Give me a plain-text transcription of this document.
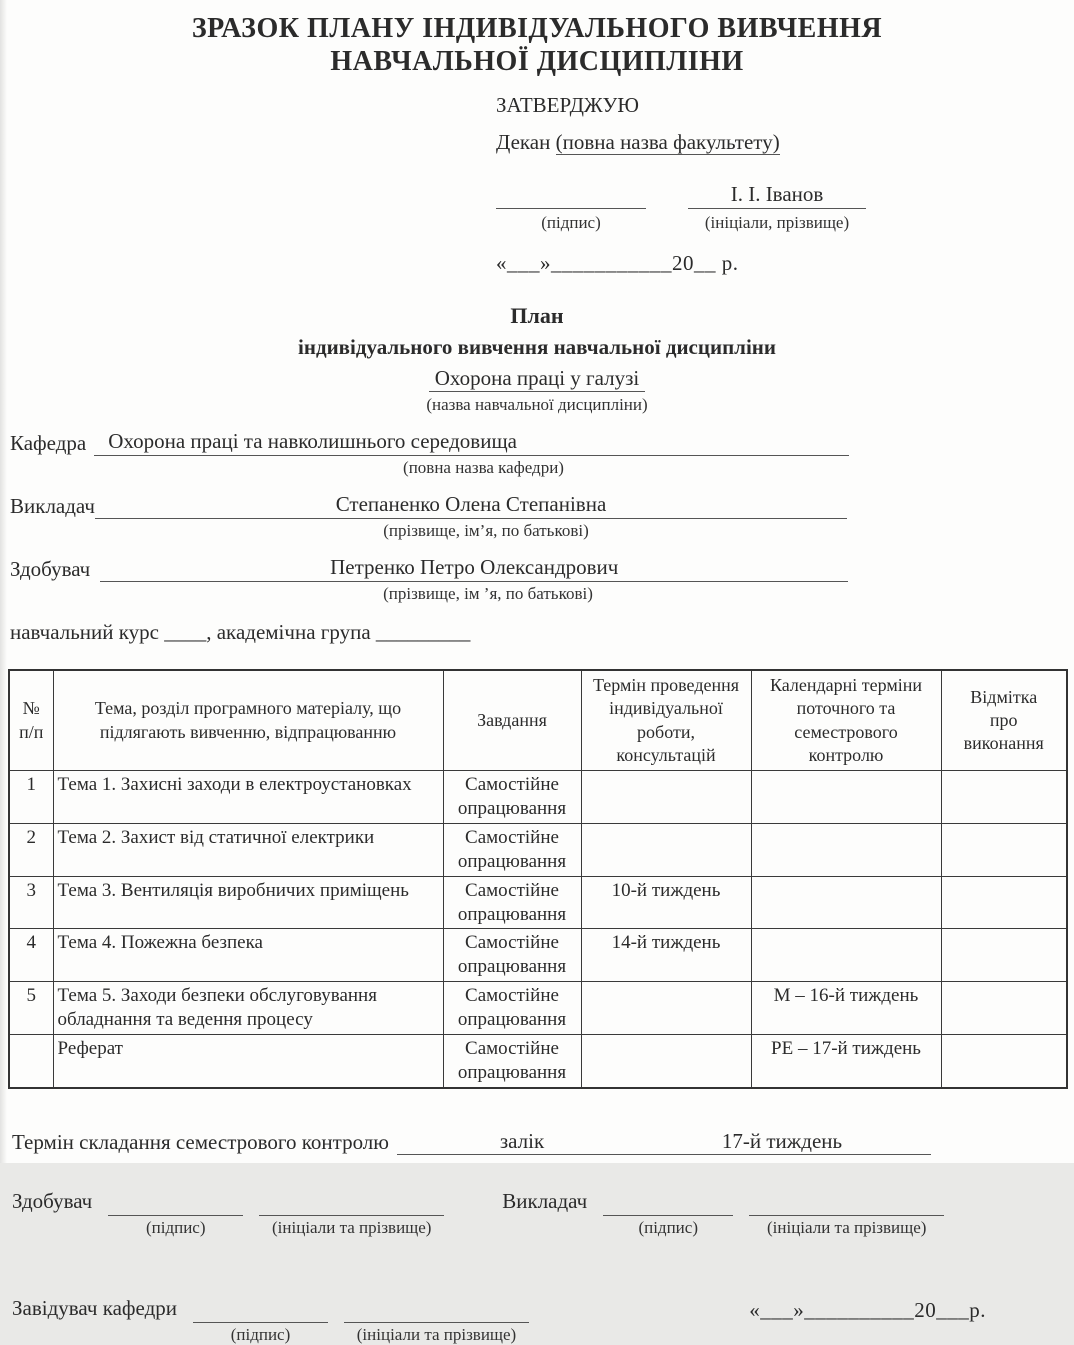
ЗРАЗОК ПЛАНУ ІНДИВІДУАЛЬНОГО ВИВЧЕННЯ
НАВЧАЛЬНОЇ ДИСЦИПЛІНИ
ЗАТВЕРДЖУЮ
Декан (повна назва факультету)
І. І. Іванов
(підпис)	(ініціали, прізвище)
«___»___________20__ р.
План
індивідуального вивчення навчальної дисципліни
Охорона праці у галузі
(назва навчальної дисципліни)
Кафедра	Охорона праці та навколишнього середовища
(повна назва кафедри)
Викладач	Степаненко Олена Степанівна
(прізвище, ім’я, по батькові)
Здобувач	Петренко Петро Олександрович
(прізвище, ім ’я, по батькові)
навчальний курс ____, академічна група _________
№ п/п	Тема, розділ програмного матеріалу, що підлягають вивченню, відпрацюванню	Завдання	Термін проведення індивідуальної роботи, консультацій	Календарні терміни поточного та семестрового контролю	Відмітка про виконання
1	Тема 1. Захисні заходи в електроустановках	Самостійне опрацювання			
2	Тема 2. Захист від статичної електрики	Самостійне опрацювання			
3	Тема 3. Вентиляція виробничих приміщень	Самостійне опрацювання	10-й тиждень		
4	Тема 4. Пожежна безпека	Самостійне опрацювання	14-й тиждень		
5	Тема 5. Заходи безпеки обслуговування обладнання та ведення процесу	Самостійне опрацювання		М – 16-й тиждень	
	Реферат	Самостійне опрацювання		РЕ – 17-й тиждень	
Термін складання семестрового контролю	залік	17-й тиждень
Здобувач
(підпис)	(ініціали та прізвище)
Викладач
(підпис)	(ініціали та прізвище)
Завідувач кафедри
(підпис)	(ініціали та прізвище)
«___»__________20___р.
